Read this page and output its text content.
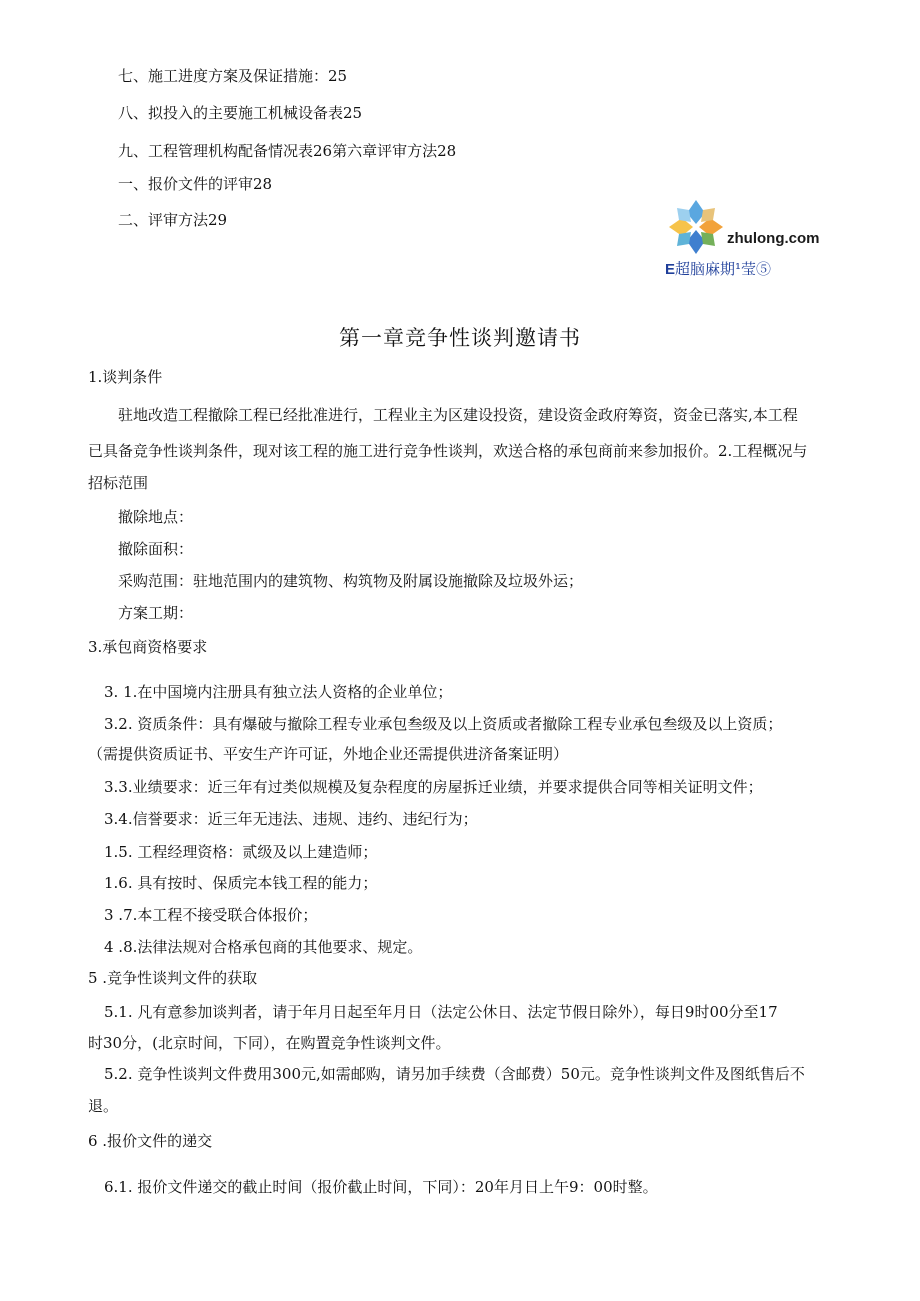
七、施工进度方案及保证措施：25
八、拟投入的主要施工机械设备表25
九、工程管理机构配备情况表26第六章评审方法28
一、报价文件的评审28
二、评审方法29
zhulong.com
E超脑麻期¹莹⑤
第一章竞争性谈判邀请书
1.谈判条件
驻地改造工程撤除工程已经批准进行，工程业主为区建设投资，建设资金政府筹资，资金已落实,本工程
已具备竞争性谈判条件，现对该工程的施工进行竞争性谈判，欢送合格的承包商前来参加报价。2.工程概况与
招标范围
撤除地点：
撤除面积：
采购范围：驻地范围内的建筑物、构筑物及附属设施撤除及垃圾外运；
方案工期：
3.承包商资格要求
3. 1.在中国境内注册具有独立法人资格的企业单位；
3.2. 资质条件：具有爆破与撤除工程专业承包叁级及以上资质或者撤除工程专业承包叁级及以上资质；
（需提供资质证书、平安生产许可证，外地企业还需提供进济备案证明）
3.3.业绩要求：近三年有过类似规模及复杂程度的房屋拆迁业绩，并要求提供合同等相关证明文件；
3.4.信誉要求：近三年无违法、违规、违约、违纪行为；
1.5. 工程经理资格：贰级及以上建造师；
1.6. 具有按时、保质完本钱工程的能力；
3 .7.本工程不接受联合体报价；
4 .8.法律法规对合格承包商的其他要求、规定。
5 .竞争性谈判文件的获取
5.1. 凡有意参加谈判者，请于年月日起至年月日（法定公休日、法定节假日除外），每日9时00分至17
时30分，(北京时间，下同），在购置竞争性谈判文件。
5.2. 竞争性谈判文件费用300元,如需邮购，请另加手续费（含邮费）50元。竞争性谈判文件及图纸售后不
退。
6 .报价文件的递交
6.1. 报价文件递交的截止时间（报价截止时间，下同）：20年月日上午9：00时整。
